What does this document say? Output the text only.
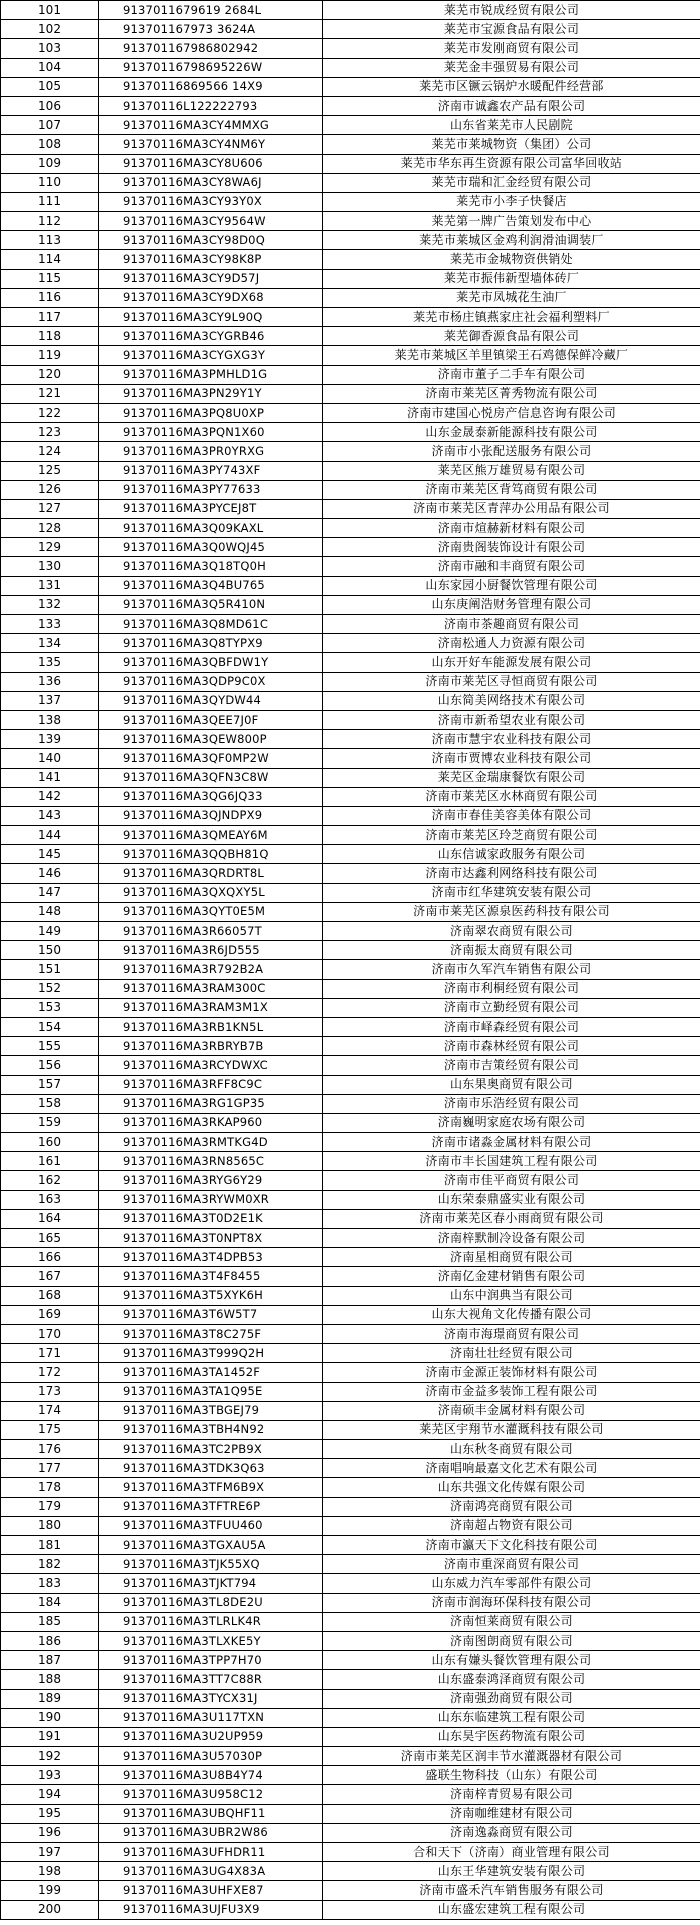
101	9137011679619 2684L	莱芜市锐成经贸有限公司
102	913701167973 3624A	莱芜市宝源食品有限公司
103	913701167986802942	莱芜市发刚商贸有限公司
104	91370116798695226W	莱芜金丰强贸易有限公司
105	91370116869566 14X9	莱芜市区镢云锅炉水暖配件经营部
106	91370116L122222793	济南市诚鑫农产品有限公司
107	91370116MA3CY4MMXG	山东省莱芜市人民剧院
108	91370116MA3CY4NM6Y	莱芜市莱城物资（集团）公司
109	91370116MA3CY8U606	莱芜市华东再生资源有限公司富华回收站
110	91370116MA3CY8WA6J	莱芜市瑞和汇金经贸有限公司
111	91370116MA3CY93Y0X	莱芜市小李子快餐店
112	91370116MA3CY9564W	莱芜第一牌广告策划发布中心
113	91370116MA3CY98D0Q	莱芜市莱城区金鸡利润滑油调装厂
114	91370116MA3CY98K8P	莱芜市金城物资供销处
115	91370116MA3CY9D57J	莱芜市振伟新型墙体砖厂
116	91370116MA3CY9DX68	莱芜市凤城花生油厂
117	91370116MA3CY9L90Q	莱芜市杨庄镇燕家庄社会福利塑料厂
118	91370116MA3CYGRB46	莱芜御香源食品有限公司
119	91370116MA3CYGXG3Y	莱芜市莱城区羊里镇梁王石鸡德保鲜冷藏厂
120	91370116MA3PMHLD1G	济南市董子二手车有限公司
121	91370116MA3PN29Y1Y	济南市莱芜区菁秀物流有限公司
122	91370116MA3PQ8U0XP	济南市建国心悦房产信息咨询有限公司
123	91370116MA3PQN1X60	山东金晟泰新能源科技有限公司
124	91370116MA3PR0YRXG	济南市小张配送服务有限公司
125	91370116MA3PY743XF	莱芜区熊万雄贸易有限公司
126	91370116MA3PY77633	济南市莱芜区背笃商贸有限公司
127	91370116MA3PYCEJ8T	济南市莱芜区青萍办公用品有限公司
128	91370116MA3Q09KAXL	济南市煊赫新材料有限公司
129	91370116MA3Q0WQJ45	济南贵阁装饰设计有限公司
130	91370116MA3Q18TQ0H	济南市融和丰商贸有限公司
131	91370116MA3Q4BU765	山东家园小厨餐饮管理有限公司
132	91370116MA3Q5R410N	山东庚阐浩财务管理有限公司
133	91370116MA3Q8MD61C	济南市茶趣商贸有限公司
134	91370116MA3Q8TYPX9	济南松通人力资源有限公司
135	91370116MA3QBFDW1Y	山东开好车能源发展有限公司
136	91370116MA3QDP9C0X	济南市莱芜区寻恒商贸有限公司
137	91370116MA3QYDW44	山东简美网络技术有限公司
138	91370116MA3QEE7J0F	济南市新希望农业有限公司
139	91370116MA3QEW800P	济南市慧宇农业科技有限公司
140	91370116MA3QF0MP2W	济南市贾博农业科技有限公司
141	91370116MA3QFN3C8W	莱芜区金瑞康餐饮有限公司
142	91370116MA3QG6JQ33	济南市莱芜区水林商贸有限公司
143	91370116MA3QJNDPX9	济南市春佳美容美体有限公司
144	91370116MA3QMEAY6M	济南市莱芜区玲芝商贸有限公司
145	91370116MA3QQBH81Q	山东信诚家政服务有限公司
146	91370116MA3QRDRT8L	济南市达鑫利网络科技有限公司
147	91370116MA3QXQXY5L	济南市红华建筑安装有限公司
148	91370116MA3QYT0E5M	济南市莱芜区源泉医药科技有限公司
149	91370116MA3R66057T	济南翠农商贸有限公司
150	91370116MA3R6JD555	济南振太商贸有限公司
151	91370116MA3R792B2A	济南市久军汽车销售有限公司
152	91370116MA3RAM300C	济南市利桐经贸有限公司
153	91370116MA3RAM3M1X	济南市立勤经贸有限公司
154	91370116MA3RB1KN5L	济南市峄森经贸有限公司
155	91370116MA3RBRYB7B	济南市森林经贸有限公司
156	91370116MA3RCYDWXC	济南市吉策经贸有限公司
157	91370116MA3RFF8C9C	山东果奥商贸有限公司
158	91370116MA3RG1GP35	济南市乐浩经贸有限公司
159	91370116MA3RKAP960	济南巍明家庭农场有限公司
160	91370116MA3RMTKG4D	济南市诸淼金属材料有限公司
161	91370116MA3RN8565C	济南市丰长国建筑工程有限公司
162	91370116MA3RYG6Y29	济南市佳平商贸有限公司
163	91370116MA3RYWM0XR	山东荣泰鼎盛实业有限公司
164	91370116MA3T0D2E1K	济南市莱芜区春小雨商贸有限公司
165	91370116MA3T0NPT8X	济南梓默制冷设备有限公司
166	91370116MA3T4DPB53	济南星相商贸有限公司
167	91370116MA3T4F8455	济南亿金建材销售有限公司
168	91370116MA3T5XYK6H	山东中润典当有限公司
169	91370116MA3T6W5T7	山东大视角文化传播有限公司
170	91370116MA3T8C275F	济南市海璟商贸有限公司
171	91370116MA3T999Q2H	济南壮壮经贸有限公司
172	91370116MA3TA1452F	济南市金源正装饰材料有限公司
173	91370116MA3TA1Q95E	济南市金益多装饰工程有限公司
174	91370116MA3TBGEJ79	济南硕丰金属材料有限公司
175	91370116MA3TBH4N92	莱芜区宇翔节水灌溉科技有限公司
176	91370116MA3TC2PB9X	山东秋冬商贸有限公司
177	91370116MA3TDK3Q63	济南唱响最嘉文化艺术有限公司
178	91370116MA3TFM6B9X	山东共强文化传媒有限公司
179	91370116MA3TFTRE6P	济南鸿亮商贸有限公司
180	91370116MA3TFUU460	济南超占物资有限公司
181	91370116MA3TGXAU5A	济南市瀛天下文化科技有限公司
182	91370116MA3TJK55XQ	济南市重深商贸有限公司
183	91370116MA3TJKT794	山东威力汽车零部件有限公司
184	91370116MA3TL8DE2U	济南市润海环保科技有限公司
185	91370116MA3TLRLK4R	济南恒莱商贸有限公司
186	91370116MA3TLXKE5Y	济南图朗商贸有限公司
187	91370116MA3TPP7H70	山东有嫌头餐饮管理有限公司
188	91370116MA3TT7C88R	山东盛泰鸿泽商贸有限公司
189	91370116MA3TYCX31J	济南强劲商贸有限公司
190	91370116MA3U117TXN	山东东临建筑工程有限公司
191	91370116MA3U2UP959	山东昊宇医药物流有限公司
192	91370116MA3U57030P	济南市莱芜区润丰节水灌溉器材有限公司
193	91370116MA3U8B4Y74	盛联生物科技（山东）有限公司
194	91370116MA3U958C12	济南梓青贸易有限公司
195	91370116MA3UBQHF11	济南咖维建材有限公司
196	91370116MA3UBR2W86	济南逸淼商贸有限公司
197	91370116MA3UFHDR11	合和天下（济南）商业管理有限公司
198	91370116MA3UG4X83A	山东王华建筑安装有限公司
199	91370116MA3UHFXE87	济南市盛禾汽车销售服务有限公司
200	91370116MA3UJFU3X9	山东盛宏建筑工程有限公司
